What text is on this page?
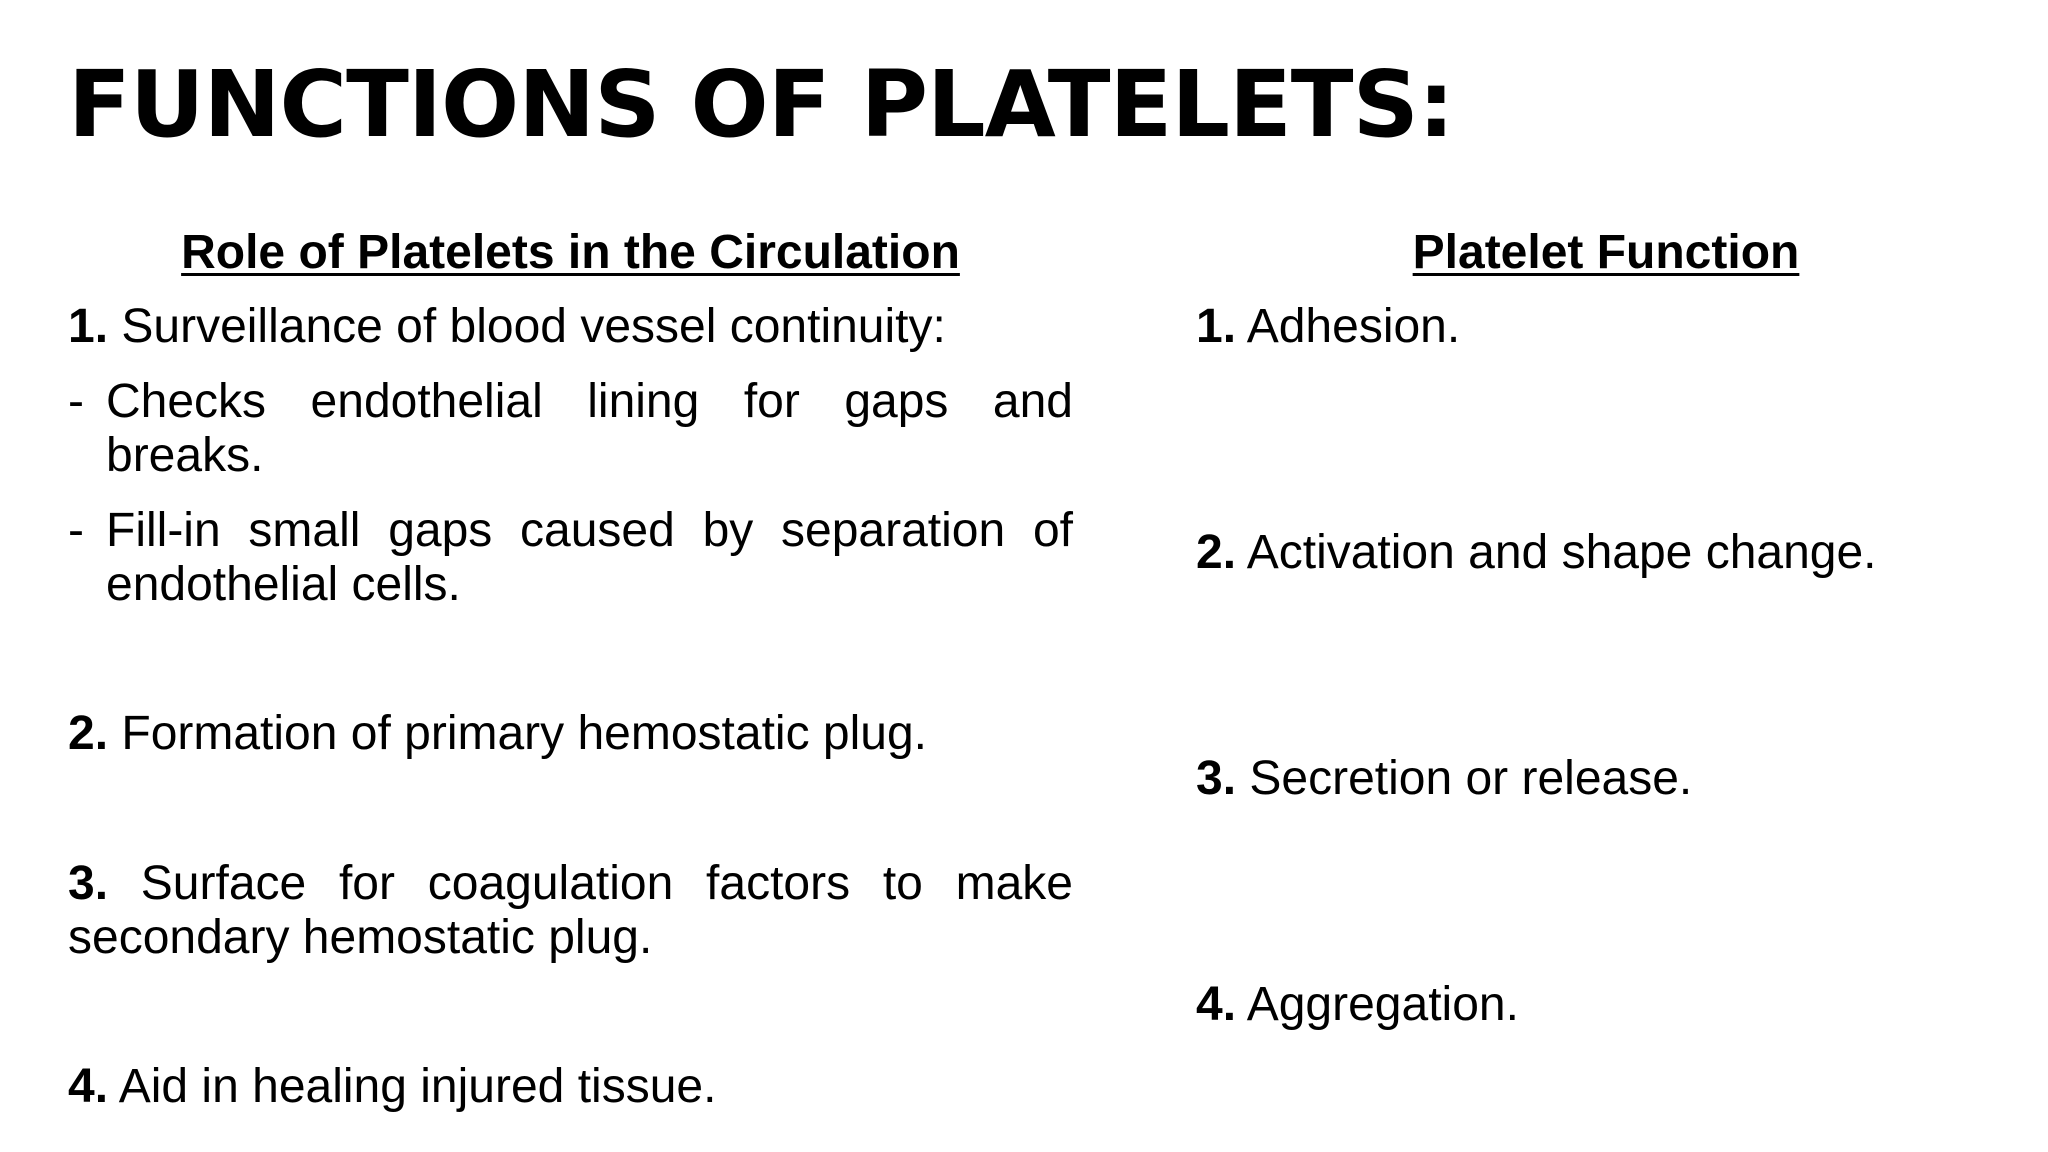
FUNCTIONS OF PLATELETS:

Role of Platelets in the Circulation

1. Surveillance of blood vessel continuity:

- Checks endothelial lining for gaps and breaks.
- Fill-in small gaps caused by separation of endothelial cells.

2. Formation of primary hemostatic plug.

3. Surface for coagulation factors to make secondary hemostatic plug.

4. Aid in healing injured tissue.

Platelet Function

1. Adhesion.

2. Activation and shape change.

3. Secretion or release.

4. Aggregation.
